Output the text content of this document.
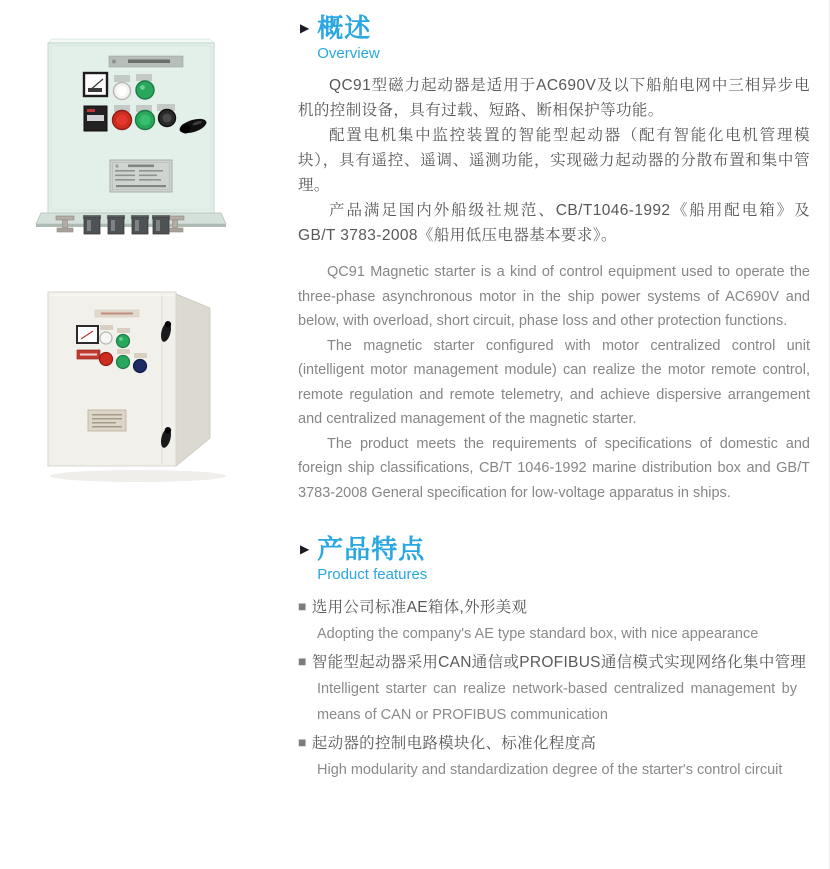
▶ 概述
Overview

QC91型磁力起动器是适用于AC690V及以下船舶电网中三相异步电机的控制设备，具有过载、短路、断相保护等功能。

配置电机集中监控装置的智能型起动器（配有智能化电机管理模块），具有遥控、遥调、遥测功能，实现磁力起动器的分散布置和集中管理。

产品满足国内外船级社规范、CB/T1046-1992《船用配电箱》及GB/T 3783-2008《船用低压电器基本要求》。

QC91 Magnetic starter is a kind of control equipment used to operate the three-phase asynchronous motor in the ship power systems of AC690V and below, with overload, short circuit, phase loss and other protection functions.

The magnetic starter configured with motor centralized control unit (intelligent motor management module) can realize the motor remote control, remote regulation and remote telemetry, and achieve dispersive arrangement and centralized management of the magnetic starter.

The product meets the requirements of specifications of domestic and foreign ship classifications, CB/T 1046-1992 marine distribution box and GB/T 3783-2008 General specification for low-voltage apparatus in ships.

▶ 产品特点
Product features
■ 选用公司标准AE箱体,外形美观
Adopting the company's AE type standard box, with nice appearance
■ 智能型起动器采用CAN通信或PROFIBUS通信模式实现网络化集中管理
Intelligent starter can realize network-based centralized management by means of CAN or PROFIBUS communication
■ 起动器的控制电路模块化、标准化程度高
High modularity and standardization degree of the starter's control circuit
